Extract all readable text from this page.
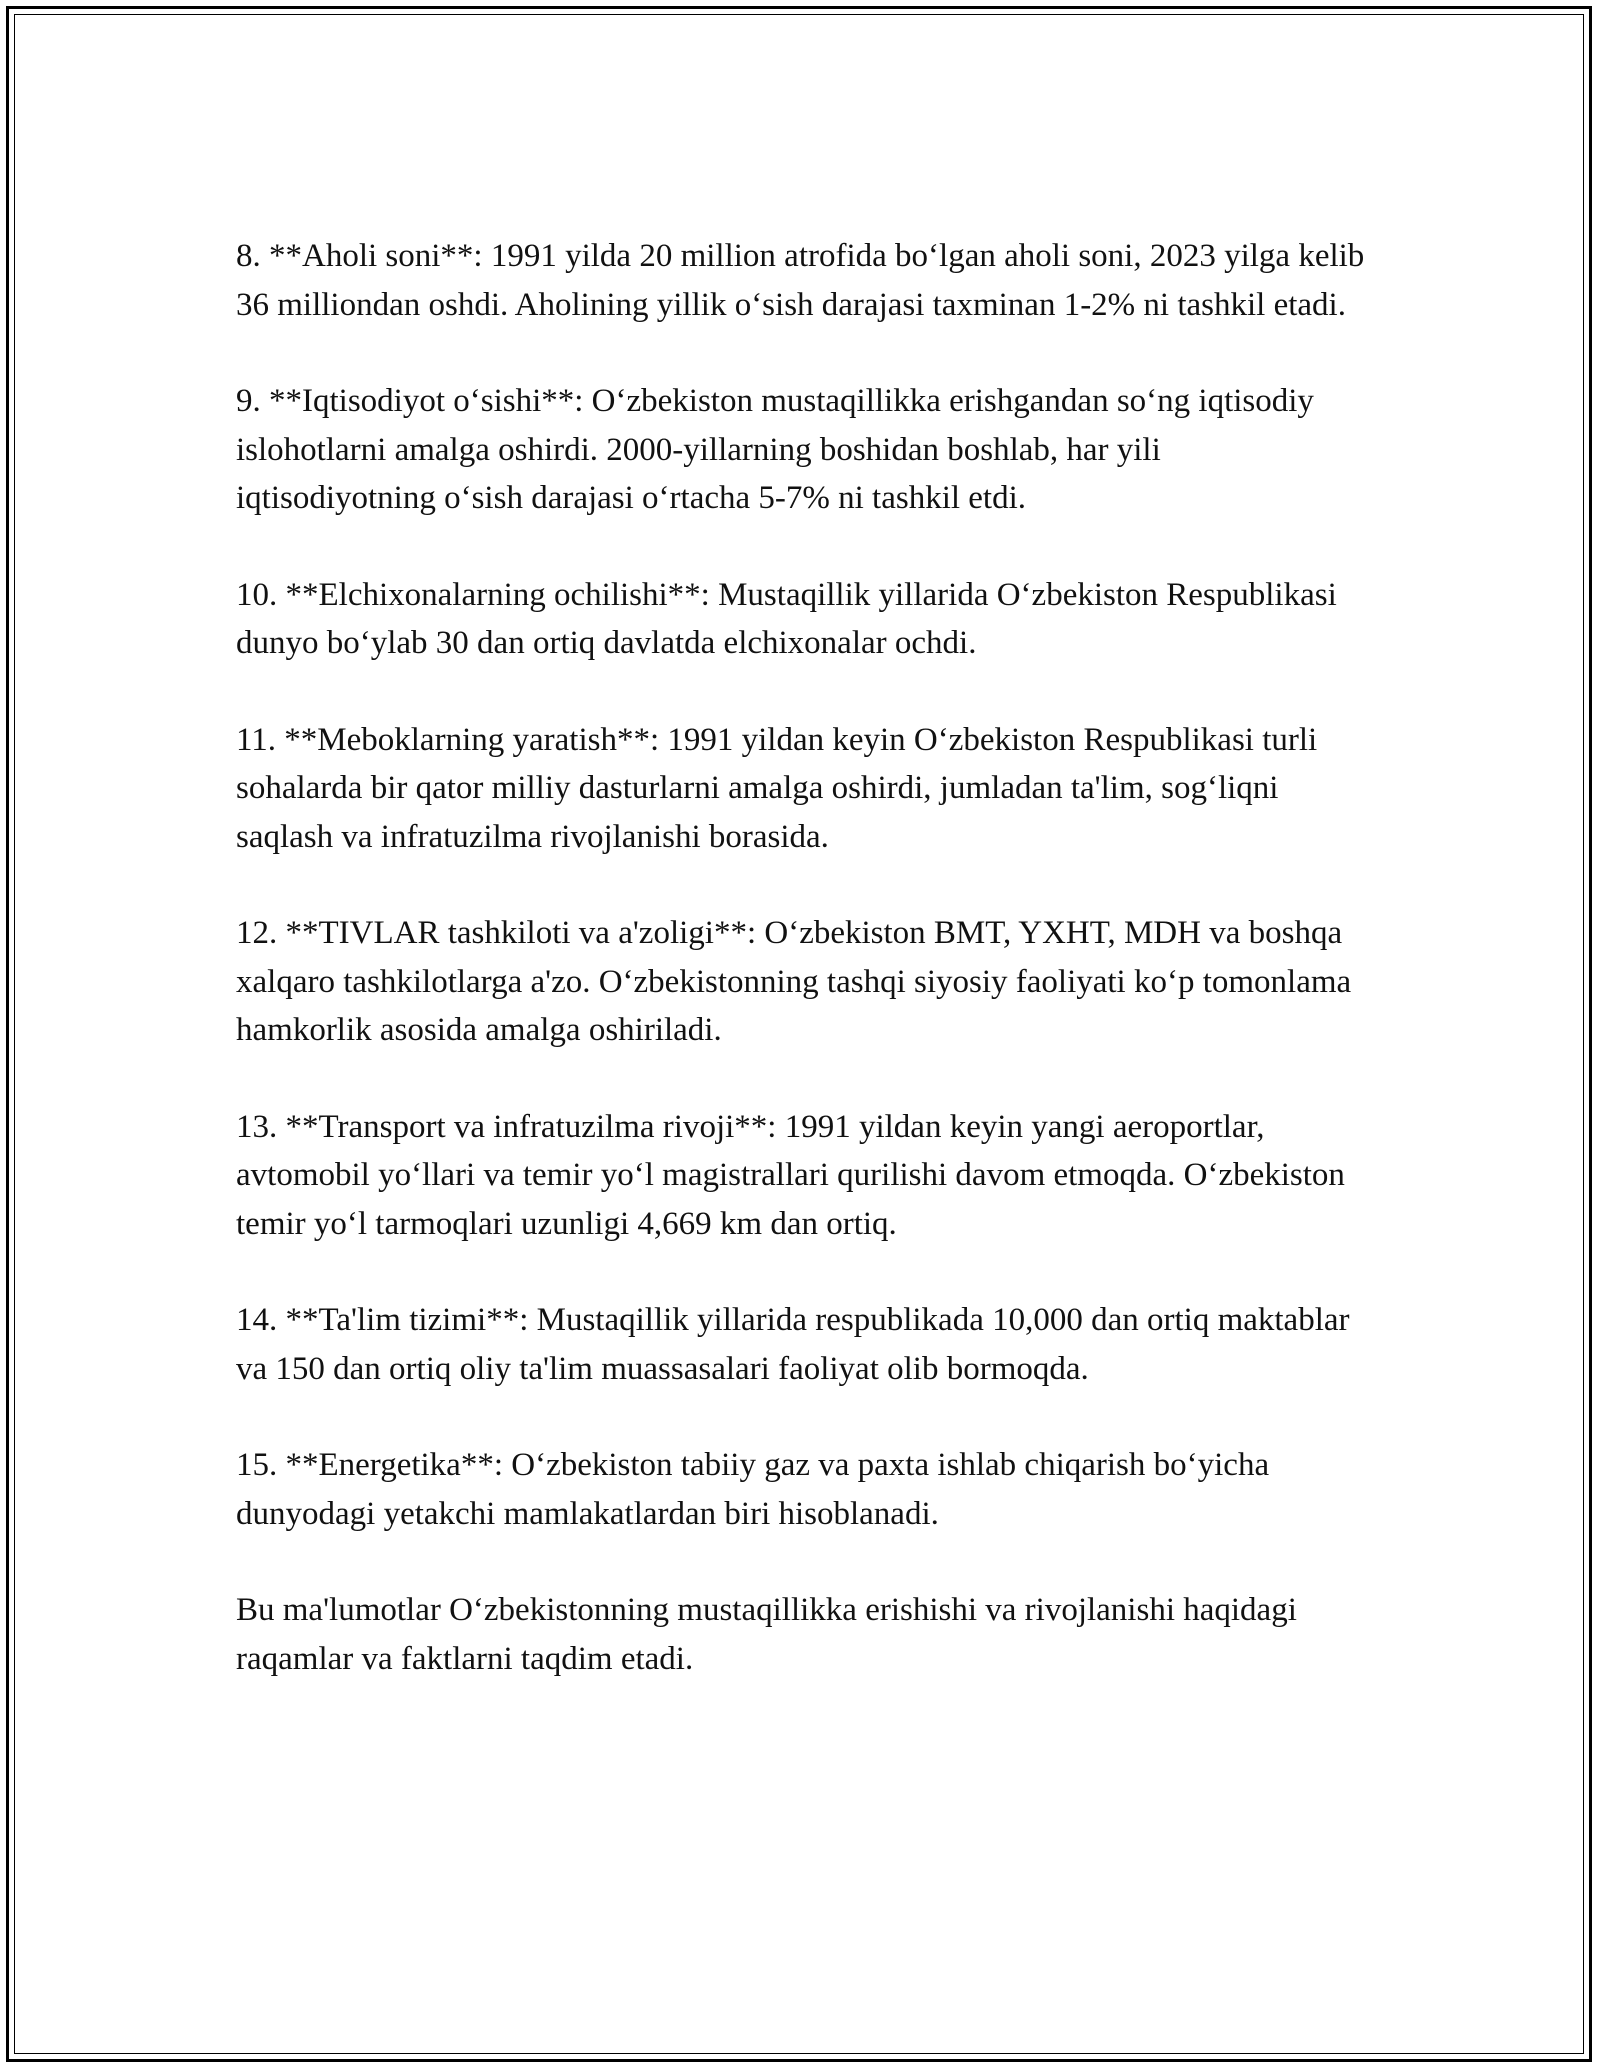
8. **Aholi soni**: 1991 yilda 20 million atrofida bo‘lgan aholi soni, 2023 yilga kelib 36 milliondan oshdi. Aholining yillik o‘sish darajasi taxminan 1-2% ni tashkil etadi.

9. **Iqtisodiyot o‘sishi**: O‘zbekiston mustaqillikka erishgandan so‘ng iqtisodiy islohotlarni amalga oshirdi. 2000-yillarning boshidan boshlab, har yili iqtisodiyotning o‘sish darajasi o‘rtacha 5-7% ni tashkil etdi.

10. **Elchixonalarning ochilishi**: Mustaqillik yillarida O‘zbekiston Respublikasi dunyo bo‘ylab 30 dan ortiq davlatda elchixonalar ochdi.

11. **Meboklarning yaratish**: 1991 yildan keyin O‘zbekiston Respublikasi turli sohalarda bir qator milliy dasturlarni amalga oshirdi, jumladan ta'lim, sog‘liqni saqlash va infratuzilma rivojlanishi borasida.

12. **TIVLAR tashkiloti va a'zoligi**: O‘zbekiston BMT, YXHT, MDH va boshqa xalqaro tashkilotlarga a'zo. O‘zbekistonning tashqi siyosiy faoliyati ko‘p tomonlama hamkorlik asosida amalga oshiriladi.

13. **Transport va infratuzilma rivoji**: 1991 yildan keyin yangi aeroportlar, avtomobil yo‘llari va temir yo‘l magistrallari qurilishi davom etmoqda. O‘zbekiston temir yo‘l tarmoqlari uzunligi 4,669 km dan ortiq.

14. **Ta'lim tizimi**: Mustaqillik yillarida respublikada 10,000 dan ortiq maktablar va 150 dan ortiq oliy ta'lim muassasalari faoliyat olib bormoqda.

15. **Energetika**: O‘zbekiston tabiiy gaz va paxta ishlab chiqarish bo‘yicha dunyodagi yetakchi mamlakatlardan biri hisoblanadi.

Bu ma'lumotlar O‘zbekistonning mustaqillikka erishishi va rivojlanishi haqidagi raqamlar va faktlarni taqdim etadi.
